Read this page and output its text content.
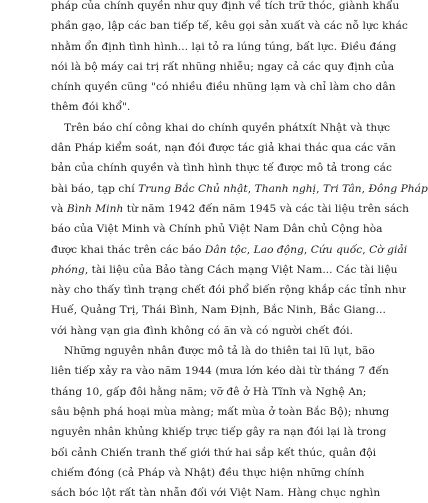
pháp của chính quyền như quy định về tích trữ thóc, giành khẩu
phần gạo, lập các ban tiếp tế, kêu gọi sản xuất và các nỗ lực khác
nhằm ổn định tình hình... lại tỏ ra lúng túng, bất lực. Điều đáng
nói là bộ máy cai trị rất nhũng nhiễu; ngay cả các quy định của
chính quyền cũng "có nhiều điều nhũng lạm và chỉ làm cho dân
thêm đói khổ".
Trên báo chí công khai do chính quyền phátxít Nhật và thực
dân Pháp kiểm soát, nạn đói được tác giả khai thác qua các văn
bản của chính quyền và tình hình thực tế được mô tả trong các
bài báo, tạp chí Trung Bắc Chủ nhật, Thanh nghị, Tri Tân, Đông Pháp
và Bình Minh từ năm 1942 đến năm 1945 và các tài liệu trên sách
báo của Việt Minh và Chính phủ Việt Nam Dân chủ Cộng hòa
được khai thác trên các báo Dân tộc, Lao động, Cứu quốc, Cờ giải
phóng, tài liệu của Bảo tàng Cách mạng Việt Nam... Các tài liệu
này cho thấy tình trạng chết đói phổ biến rộng khắp các tỉnh như
Huế, Quảng Trị, Thái Bình, Nam Định, Bắc Ninh, Bắc Giang...
với hàng vạn gia đình không có ăn và có người chết đói.
Những nguyên nhân được mô tả là do thiên tai lũ lụt, bão
liên tiếp xảy ra vào năm 1944 (mưa lớn kéo dài từ tháng 7 đến
tháng 10, gấp đôi hằng năm; vỡ đê ở Hà Tĩnh và Nghệ An;
sâu bệnh phá hoại mùa màng; mất mùa ở toàn Bắc Bộ); nhưng
nguyên nhân khủng khiếp trực tiếp gây ra nạn đói lại là trong
bối cảnh Chiến tranh thế giới thứ hai sắp kết thúc, quân đội
chiếm đóng (cả Pháp và Nhật) đều thực hiện những chính
sách bóc lột rất tàn nhẫn đối với Việt Nam. Hàng chục nghìn
